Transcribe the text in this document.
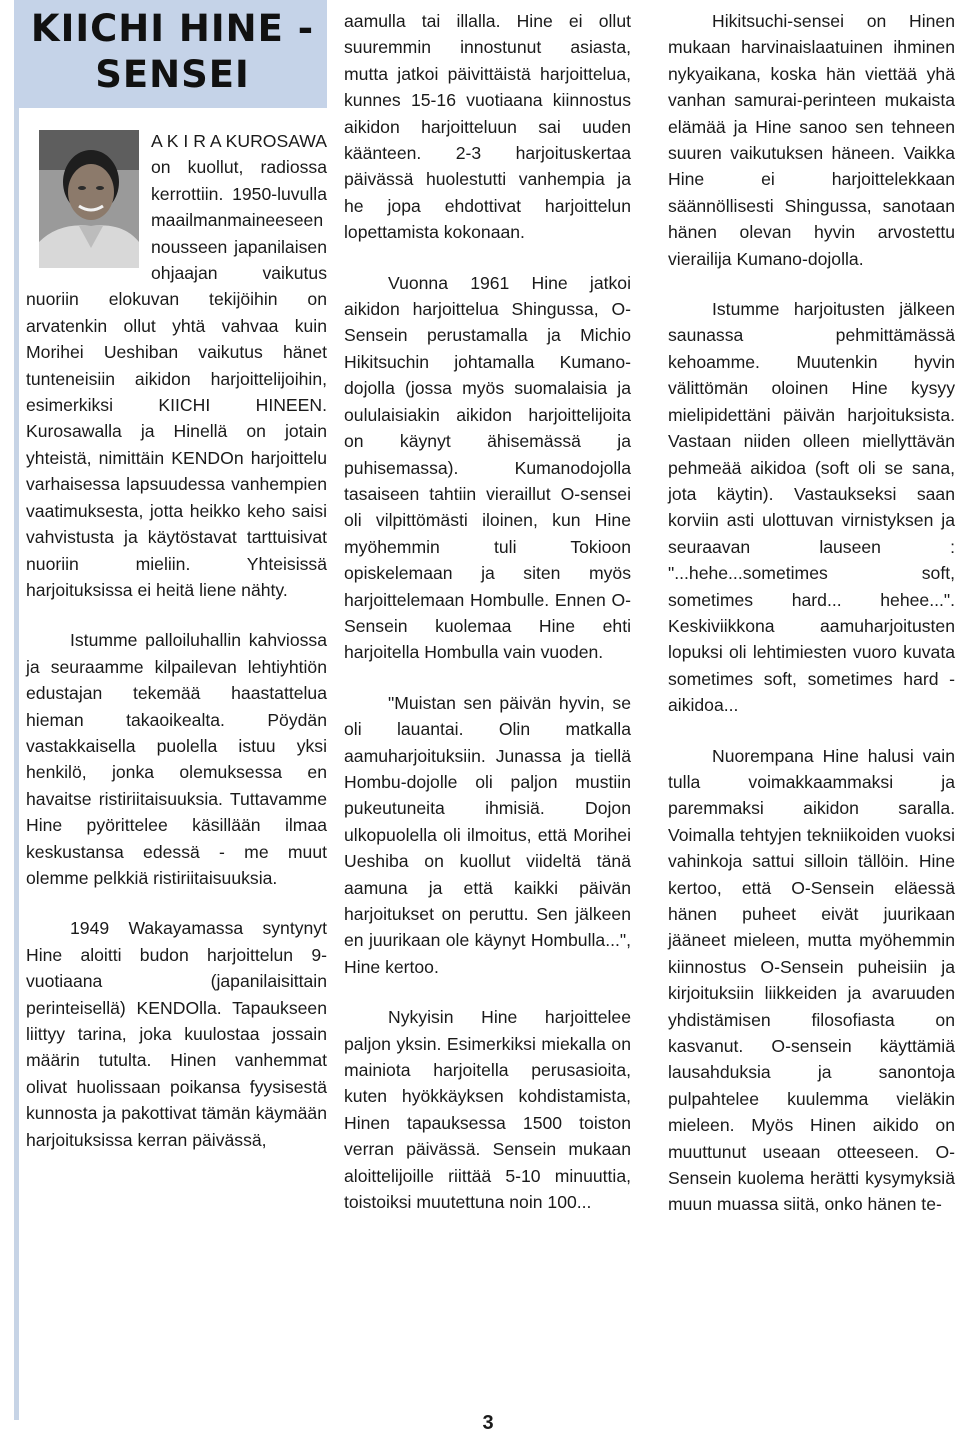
KIICHI HINE - SENSEI

A K I R A KUROSAWA on kuollut, radiossa kerrottiin. 1950-luvulla maailmanmaineeseen nousseen japanilaisen ohjaajan vaikutus nuoriin elokuvan tekijöihin on arvatenkin ollut yhtä vahvaa kuin Morihei Ueshiban vaikutus hänet tunteneisiin aikidon harjoittelijoihin, esimerkiksi KIICHI HINEEN. Kurosawalla ja Hinellä on jotain yhteistä, nimittäin KENDOn harjoittelu varhaisessa lapsuudessa vanhempien vaatimuksesta, jotta heikko keho saisi vahvistusta ja käytöstavat tarttuisivat nuoriin mieliin. Yhteisissä harjoituksissa ei heitä liene nähty.

Istumme palloiluhallin kahviossa ja seuraamme kilpailevan lehtiyhtiön edustajan tekemää haastattelua hieman takaoikealta. Pöydän vastakkaisella puolella istuu yksi henkilö, jonka olemuksessa en havaitse ristiriitaisuuksia. Tuttavamme Hine pyörittelee käsillään ilmaa keskustansa edessä - me muut olemme pelkkiä ristiriitaisuuksia.

1949 Wakayamassa syntynyt Hine aloitti budon harjoittelun 9-vuotiaana (japanilaisittain perinteisellä) KENDOlla. Tapaukseen liittyy tarina, joka kuulostaa jossain määrin tutulta. Hinen vanhemmat olivat huolissaan poikansa fyysisestä kunnosta ja pakottivat tämän käymään harjoituksissa kerran päivässä,

aamulla tai illalla. Hine ei ollut suuremmin innostunut asiasta, mutta jatkoi päivittäistä harjoittelua, kunnes 15-16 vuotiaana kiinnostus aikidon harjoitteluun sai uuden käänteen. 2-3 harjoituskertaa päivässä huolestutti vanhempia ja he jopa ehdottivat harjoittelun lopettamista kokonaan.

Vuonna 1961 Hine jatkoi aikidon harjoittelua Shingussa, O-Sensein perustamalla ja Michio Hikitsuchin johtamalla Kumano-dojolla (jossa myös suomalaisia ja oululaisiakin aikidon harjoittelijoita on käynyt ähisemässä ja puhisemassa). Kumanodojolla tasaiseen tahtiin vieraillut O-sensei oli vilpittömästi iloinen, kun Hine myöhemmin tuli Tokioon opiskelemaan ja siten myös harjoittelemaan Hombulle. Ennen O-Sensein kuolemaa Hine ehti harjoitella Hombulla vain vuoden.

"Muistan sen päivän hyvin, se oli lauantai. Olin matkalla aamuharjoituksiin. Junassa ja tiellä Hombu-dojolle oli paljon mustiin pukeutuneita ihmisiä. Dojon ulkopuolella oli ilmoitus, että Morihei Ueshiba on kuollut viideltä tänä aamuna ja että kaikki päivän harjoitukset on peruttu. Sen jälkeen en juurikaan ole käynyt Hombulla...", Hine kertoo.

Nykyisin Hine harjoittelee paljon yksin. Esimerkiksi miekalla on mainiota harjoitella perusasioita, kuten hyökkäyksen kohdistamista, Hinen tapauksessa 1500 toiston verran päivässä. Sensein mukaan aloittelijoille riittää 5-10 minuuttia, toistoiksi muutettuna noin 100...

Hikitsuchi-sensei on Hinen mukaan harvinaislaatuinen ihminen nykyaikana, koska hän viettää yhä vanhan samurai-perinteen mukaista elämää ja Hine sanoo sen tehneen suuren vaikutuksen häneen. Vaikka Hine ei harjoittelekkaan säännöllisesti Shingussa, sanotaan hänen olevan hyvin arvostettu vierailija Kumano-dojolla.

Istumme harjoitusten jälkeen saunassa pehmittämässä kehoamme. Muutenkin hyvin välittömän oloinen Hine kysyy mielipidettäni päivän harjoituksista. Vastaan niiden olleen miellyttävän pehmeää aikidoa (soft oli se sana, jota käytin). Vastaukseksi saan korviin asti ulottuvan virnistyksen ja seuraavan lauseen : "...hehe...sometimes soft, sometimes hard... hehee...". Keskiviikkona aamuharjoitusten lopuksi oli lehtimiesten vuoro kuvata sometimes soft, sometimes hard -aikidoa...

Nuorempana Hine halusi vain tulla voimakkaammaksi ja paremmaksi aikidon saralla. Voimalla tehtyjen tekniikoiden vuoksi vahinkoja sattui silloin tällöin. Hine kertoo, että O-Sensein eläessä hänen puheet eivät juurikaan jääneet mieleen, mutta myöhemmin kiinnostus O-Sensein puheisiin ja kirjoituksiin liikkeiden ja avaruuden yhdistämisen filosofiasta on kasvanut. O-sensein käyttämiä lausahduksia ja sanontoja pulpahtelee kuulemma vieläkin mieleen. Myös Hinen aikido on muuttunut useaan otteeseen. O-Sensein kuolema herätti kysymyksiä muun muassa siitä, onko hänen te-

3
